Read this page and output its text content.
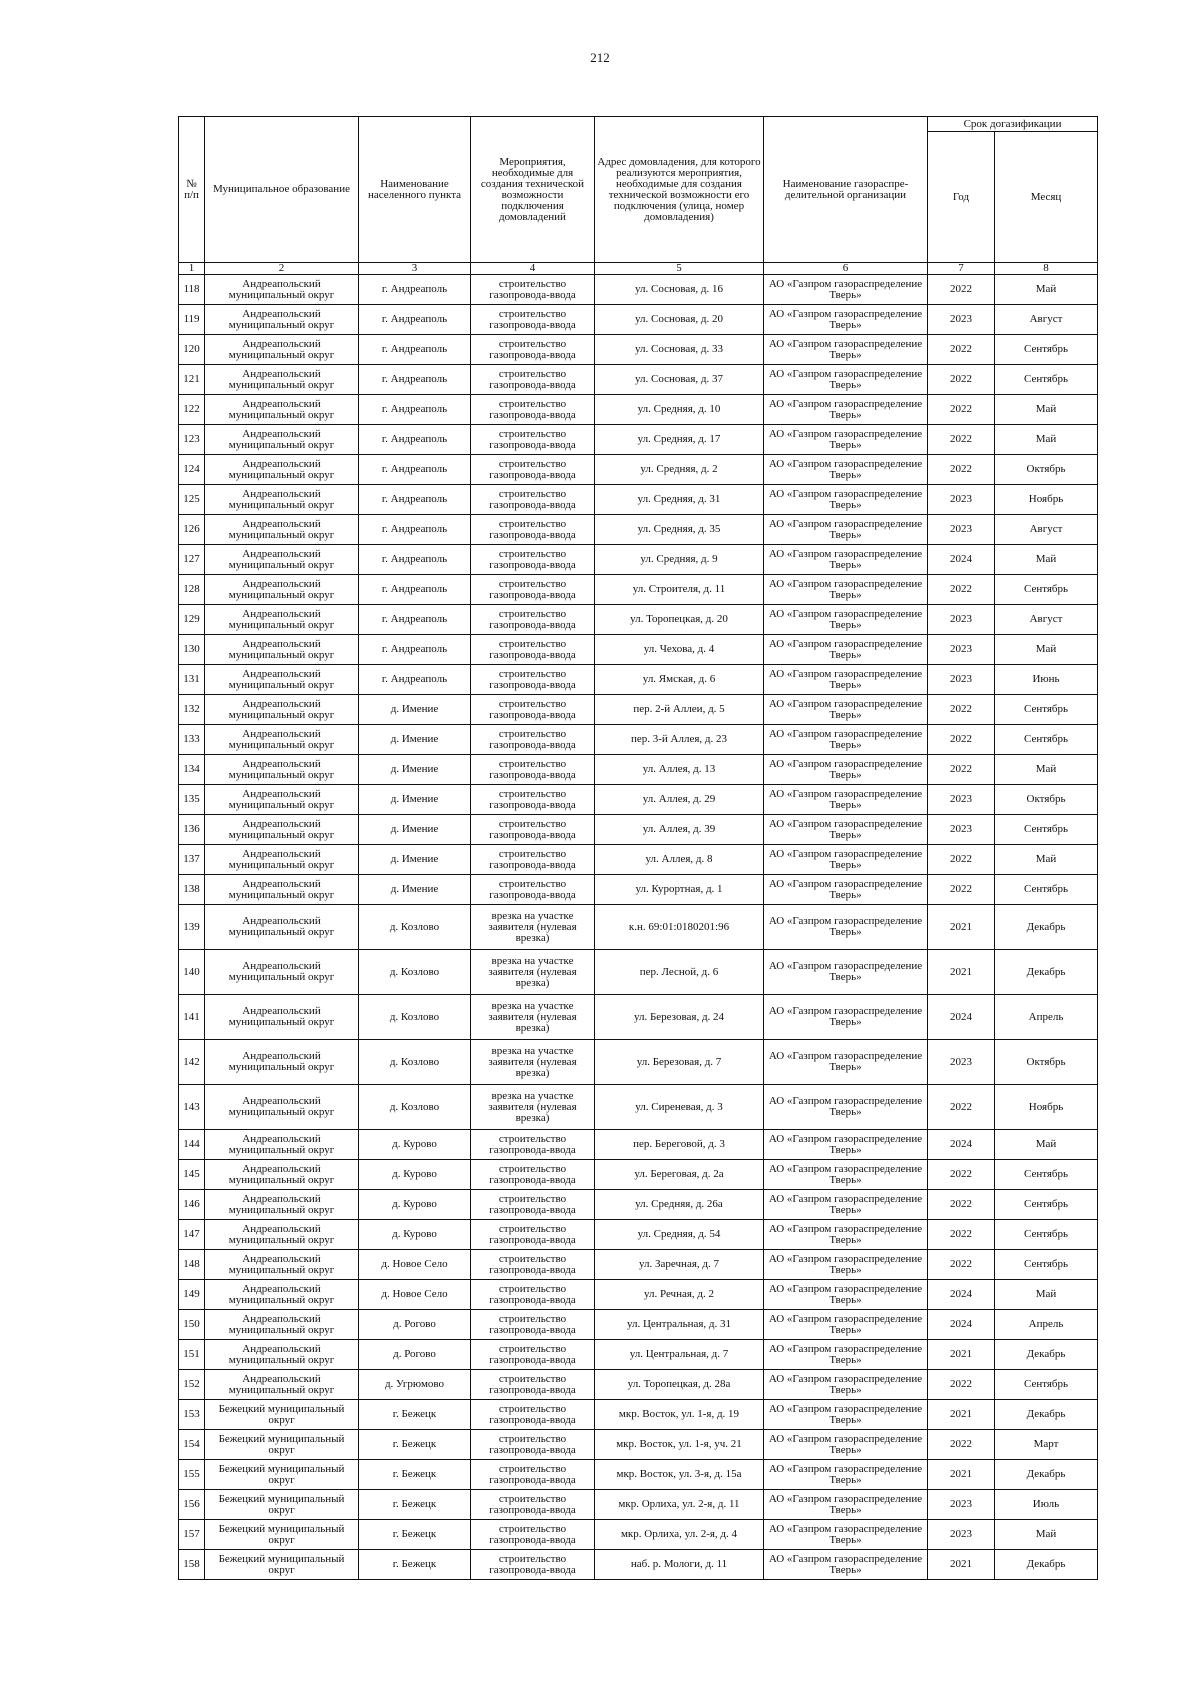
212
№ п/п	Муниципальное образование	Наименование населенного пункта	Мероприятия, необходимые для создания технической возможности подключения домовладений	Адрес домовладения, для которого реализуются мероприятия, необходимые для создания технической возможности его подключения (улица, номер домовладения)	Наименование газораспре-делительной организации	Срок догазификации	
						Год	Месяц
1	2	3	4	5	6	7	8
118	Андреапольский муниципальный округ	г. Андреаполь	строительство газопровода-ввода	ул. Сосновая, д. 16	АО «Газпром газораспределение Тверь»	2022	Май
119	Андреапольский муниципальный округ	г. Андреаполь	строительство газопровода-ввода	ул. Сосновая, д. 20	АО «Газпром газораспределение Тверь»	2023	Август
120	Андреапольский муниципальный округ	г. Андреаполь	строительство газопровода-ввода	ул. Сосновая, д. 33	АО «Газпром газораспределение Тверь»	2022	Сентябрь
121	Андреапольский муниципальный округ	г. Андреаполь	строительство газопровода-ввода	ул. Сосновая, д. 37	АО «Газпром газораспределение Тверь»	2022	Сентябрь
122	Андреапольский муниципальный округ	г. Андреаполь	строительство газопровода-ввода	ул. Средняя, д. 10	АО «Газпром газораспределение Тверь»	2022	Май
123	Андреапольский муниципальный округ	г. Андреаполь	строительство газопровода-ввода	ул. Средняя, д. 17	АО «Газпром газораспределение Тверь»	2022	Май
124	Андреапольский муниципальный округ	г. Андреаполь	строительство газопровода-ввода	ул. Средняя, д. 2	АО «Газпром газораспределение Тверь»	2022	Октябрь
125	Андреапольский муниципальный округ	г. Андреаполь	строительство газопровода-ввода	ул. Средняя, д. 31	АО «Газпром газораспределение Тверь»	2023	Ноябрь
126	Андреапольский муниципальный округ	г. Андреаполь	строительство газопровода-ввода	ул. Средняя, д. 35	АО «Газпром газораспределение Тверь»	2023	Август
127	Андреапольский муниципальный округ	г. Андреаполь	строительство газопровода-ввода	ул. Средняя, д. 9	АО «Газпром газораспределение Тверь»	2024	Май
128	Андреапольский муниципальный округ	г. Андреаполь	строительство газопровода-ввода	ул. Строителя, д. 11	АО «Газпром газораспределение Тверь»	2022	Сентябрь
129	Андреапольский муниципальный округ	г. Андреаполь	строительство газопровода-ввода	ул. Торопецкая, д. 20	АО «Газпром газораспределение Тверь»	2023	Август
130	Андреапольский муниципальный округ	г. Андреаполь	строительство газопровода-ввода	ул. Чехова, д. 4	АО «Газпром газораспределение Тверь»	2023	Май
131	Андреапольский муниципальный округ	г. Андреаполь	строительство газопровода-ввода	ул. Ямская, д. 6	АО «Газпром газораспределение Тверь»	2023	Июнь
132	Андреапольский муниципальный округ	д. Имение	строительство газопровода-ввода	пер. 2-й Аллеи, д. 5	АО «Газпром газораспределение Тверь»	2022	Сентябрь
133	Андреапольский муниципальный округ	д. Имение	строительство газопровода-ввода	пер. 3-й Аллея, д. 23	АО «Газпром газораспределение Тверь»	2022	Сентябрь
134	Андреапольский муниципальный округ	д. Имение	строительство газопровода-ввода	ул. Аллея, д. 13	АО «Газпром газораспределение Тверь»	2022	Май
135	Андреапольский муниципальный округ	д. Имение	строительство газопровода-ввода	ул. Аллея, д. 29	АО «Газпром газораспределение Тверь»	2023	Октябрь
136	Андреапольский муниципальный округ	д. Имение	строительство газопровода-ввода	ул. Аллея, д. 39	АО «Газпром газораспределение Тверь»	2023	Сентябрь
137	Андреапольский муниципальный округ	д. Имение	строительство газопровода-ввода	ул. Аллея, д. 8	АО «Газпром газораспределение Тверь»	2022	Май
138	Андреапольский муниципальный округ	д. Имение	строительство газопровода-ввода	ул. Курортная, д. 1	АО «Газпром газораспределение Тверь»	2022	Сентябрь
139	Андреапольский муниципальный округ	д. Козлово	врезка на участке заявителя (нулевая врезка)	к.н. 69:01:0180201:96	АО «Газпром газораспределение Тверь»	2021	Декабрь
140	Андреапольский муниципальный округ	д. Козлово	врезка на участке заявителя (нулевая врезка)	пер. Лесной, д. 6	АО «Газпром газораспределение Тверь»	2021	Декабрь
141	Андреапольский муниципальный округ	д. Козлово	врезка на участке заявителя (нулевая врезка)	ул. Березовая, д. 24	АО «Газпром газораспределение Тверь»	2024	Апрель
142	Андреапольский муниципальный округ	д. Козлово	врезка на участке заявителя (нулевая врезка)	ул. Березовая, д. 7	АО «Газпром газораспределение Тверь»	2023	Октябрь
143	Андреапольский муниципальный округ	д. Козлово	врезка на участке заявителя (нулевая врезка)	ул. Сиреневая, д. 3	АО «Газпром газораспределение Тверь»	2022	Ноябрь
144	Андреапольский муниципальный округ	д. Курово	строительство газопровода-ввода	пер. Береговой, д. 3	АО «Газпром газораспределение Тверь»	2024	Май
145	Андреапольский муниципальный округ	д. Курово	строительство газопровода-ввода	ул. Береговая, д. 2а	АО «Газпром газораспределение Тверь»	2022	Сентябрь
146	Андреапольский муниципальный округ	д. Курово	строительство газопровода-ввода	ул. Средняя, д. 26а	АО «Газпром газораспределение Тверь»	2022	Сентябрь
147	Андреапольский муниципальный округ	д. Курово	строительство газопровода-ввода	ул. Средняя, д. 54	АО «Газпром газораспределение Тверь»	2022	Сентябрь
148	Андреапольский муниципальный округ	д. Новое Село	строительство газопровода-ввода	ул. Заречная, д. 7	АО «Газпром газораспределение Тверь»	2022	Сентябрь
149	Андреапольский муниципальный округ	д. Новое Село	строительство газопровода-ввода	ул. Речная, д. 2	АО «Газпром газораспределение Тверь»	2024	Май
150	Андреапольский муниципальный округ	д. Рогово	строительство газопровода-ввода	ул. Центральная, д. 31	АО «Газпром газораспределение Тверь»	2024	Апрель
151	Андреапольский муниципальный округ	д. Рогово	строительство газопровода-ввода	ул. Центральная, д. 7	АО «Газпром газораспределение Тверь»	2021	Декабрь
152	Андреапольский муниципальный округ	д. Угрюмово	строительство газопровода-ввода	ул. Торопецкая, д. 28а	АО «Газпром газораспределение Тверь»	2022	Сентябрь
153	Бежецкий муниципальный округ	г. Бежецк	строительство газопровода-ввода	мкр. Восток, ул. 1-я, д. 19	АО «Газпром газораспределение Тверь»	2021	Декабрь
154	Бежецкий муниципальный округ	г. Бежецк	строительство газопровода-ввода	мкр. Восток, ул. 1-я, уч. 21	АО «Газпром газораспределение Тверь»	2022	Март
155	Бежецкий муниципальный округ	г. Бежецк	строительство газопровода-ввода	мкр. Восток, ул. 3-я, д. 15а	АО «Газпром газораспределение Тверь»	2021	Декабрь
156	Бежецкий муниципальный округ	г. Бежецк	строительство газопровода-ввода	мкр. Орлиха, ул. 2-я, д. 11	АО «Газпром газораспределение Тверь»	2023	Июль
157	Бежецкий муниципальный округ	г. Бежецк	строительство газопровода-ввода	мкр. Орлиха, ул. 2-я, д. 4	АО «Газпром газораспределение Тверь»	2023	Май
158	Бежецкий муниципальный округ	г. Бежецк	строительство газопровода-ввода	наб. р. Мологи, д. 11	АО «Газпром газораспределение Тверь»	2021	Декабрь
